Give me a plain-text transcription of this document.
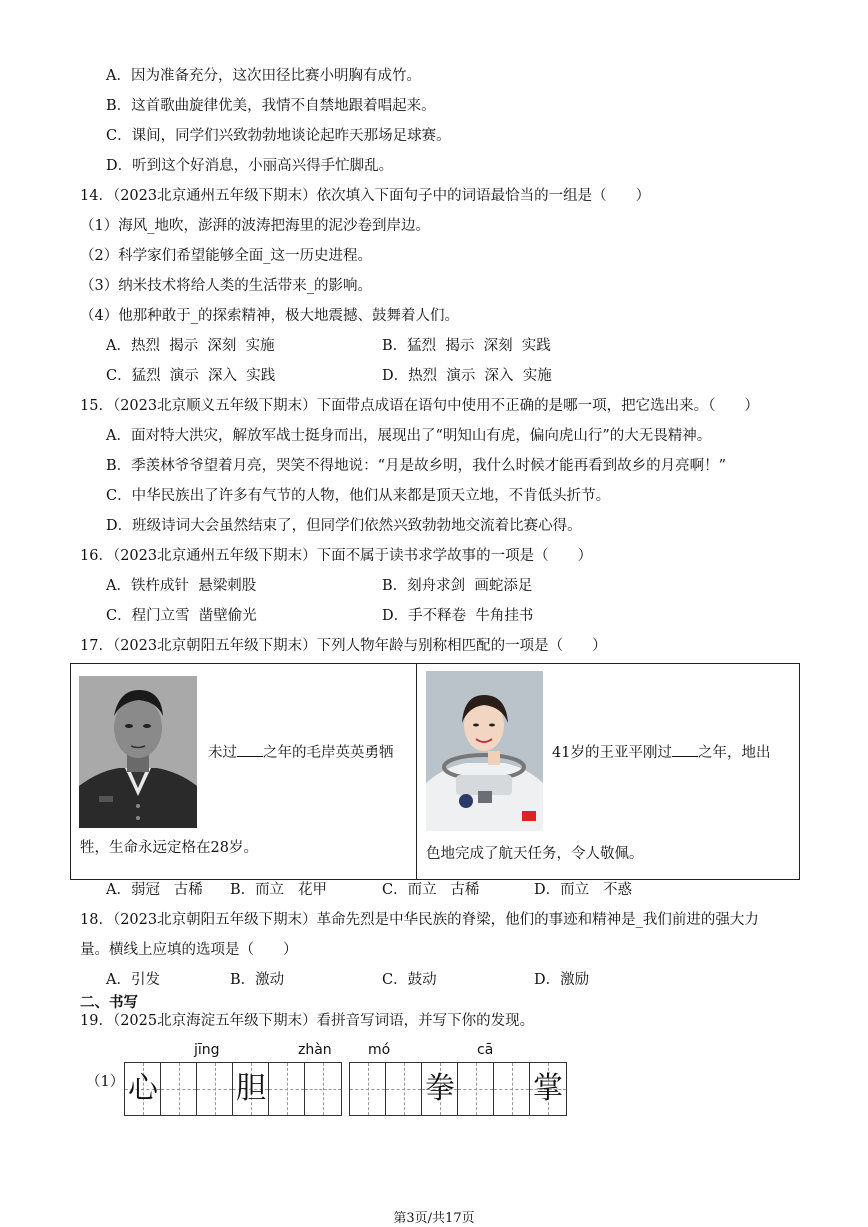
A．因为准备充分，这次田径比赛小明胸有成竹。
B．这首歌曲旋律优美，我情不自禁地跟着唱起来。
C．课间，同学们兴致勃勃地谈论起昨天那场足球赛。
D．听到这个好消息，小丽高兴得手忙脚乱。
14．（2023北京通州五年级下期末）依次填入下面句子中的词语最恰当的一组是（　　）
（1）海风_地吹，澎湃的波涛把海里的泥沙卷到岸边。
（2）科学家们希望能够全面_这一历史进程。
（3）纳米技术将给人类的生活带来_的影响。
（4）他那种敢于_的探索精神，极大地震撼、鼓舞着人们。
A．热烈  揭示  深刻  实施	B．猛烈  揭示  深刻  实践
C．猛烈  演示  深入  实践	D．热烈  演示  深入  实施
15．（2023北京顺义五年级下期末）下面带点成语在语句中使用不正确的是哪一项，把它选出来。（　　）
A．面对特大洪灾，解放军战士挺身而出，展现出了“明知山有虎，偏向虎山行”的大无畏精神。
B．季羡林爷爷望着月亮，哭笑不得地说：“月是故乡明，我什么时候才能再看到故乡的月亮啊！”
C．中华民族出了许多有气节的人物，他们从来都是顶天立地，不肯低头折节。
D．班级诗词大会虽然结束了，但同学们依然兴致勃勃地交流着比赛心得。
16．（2023北京通州五年级下期末）下面不属于读书求学故事的一项是（　　）
A．铁杵成针  悬梁刺股	B．刻舟求剑  画蛇添足
C．程门立雪  凿壁偷光	D．手不释卷  牛角挂书
17．（2023北京朝阳五年级下期末）下列人物年龄与别称相匹配的一项是（　　）
未过 之年的毛岸英英勇牺
牲，生命永远定格在28岁。
41岁的王亚平刚过 之年，地出
色地完成了航天任务，令人敬佩。
A．弱冠   古稀 B．而立   花甲	C．而立   古稀	D．而立   不惑
18．（2023北京朝阳五年级下期末）革命先烈是中华民族的脊梁，他们的事迹和精神是_我们前进的强大力
量。横线上应填的选项是（　　）
A．引发	B．激动	C．鼓动	D．激励
二、书写
19．（2025北京海淀五年级下期末）看拼音写词语，并写下你的发现。
jīng	zhàn	mó	cā
（1） 心	胆	拳	掌
第3页/共17页
